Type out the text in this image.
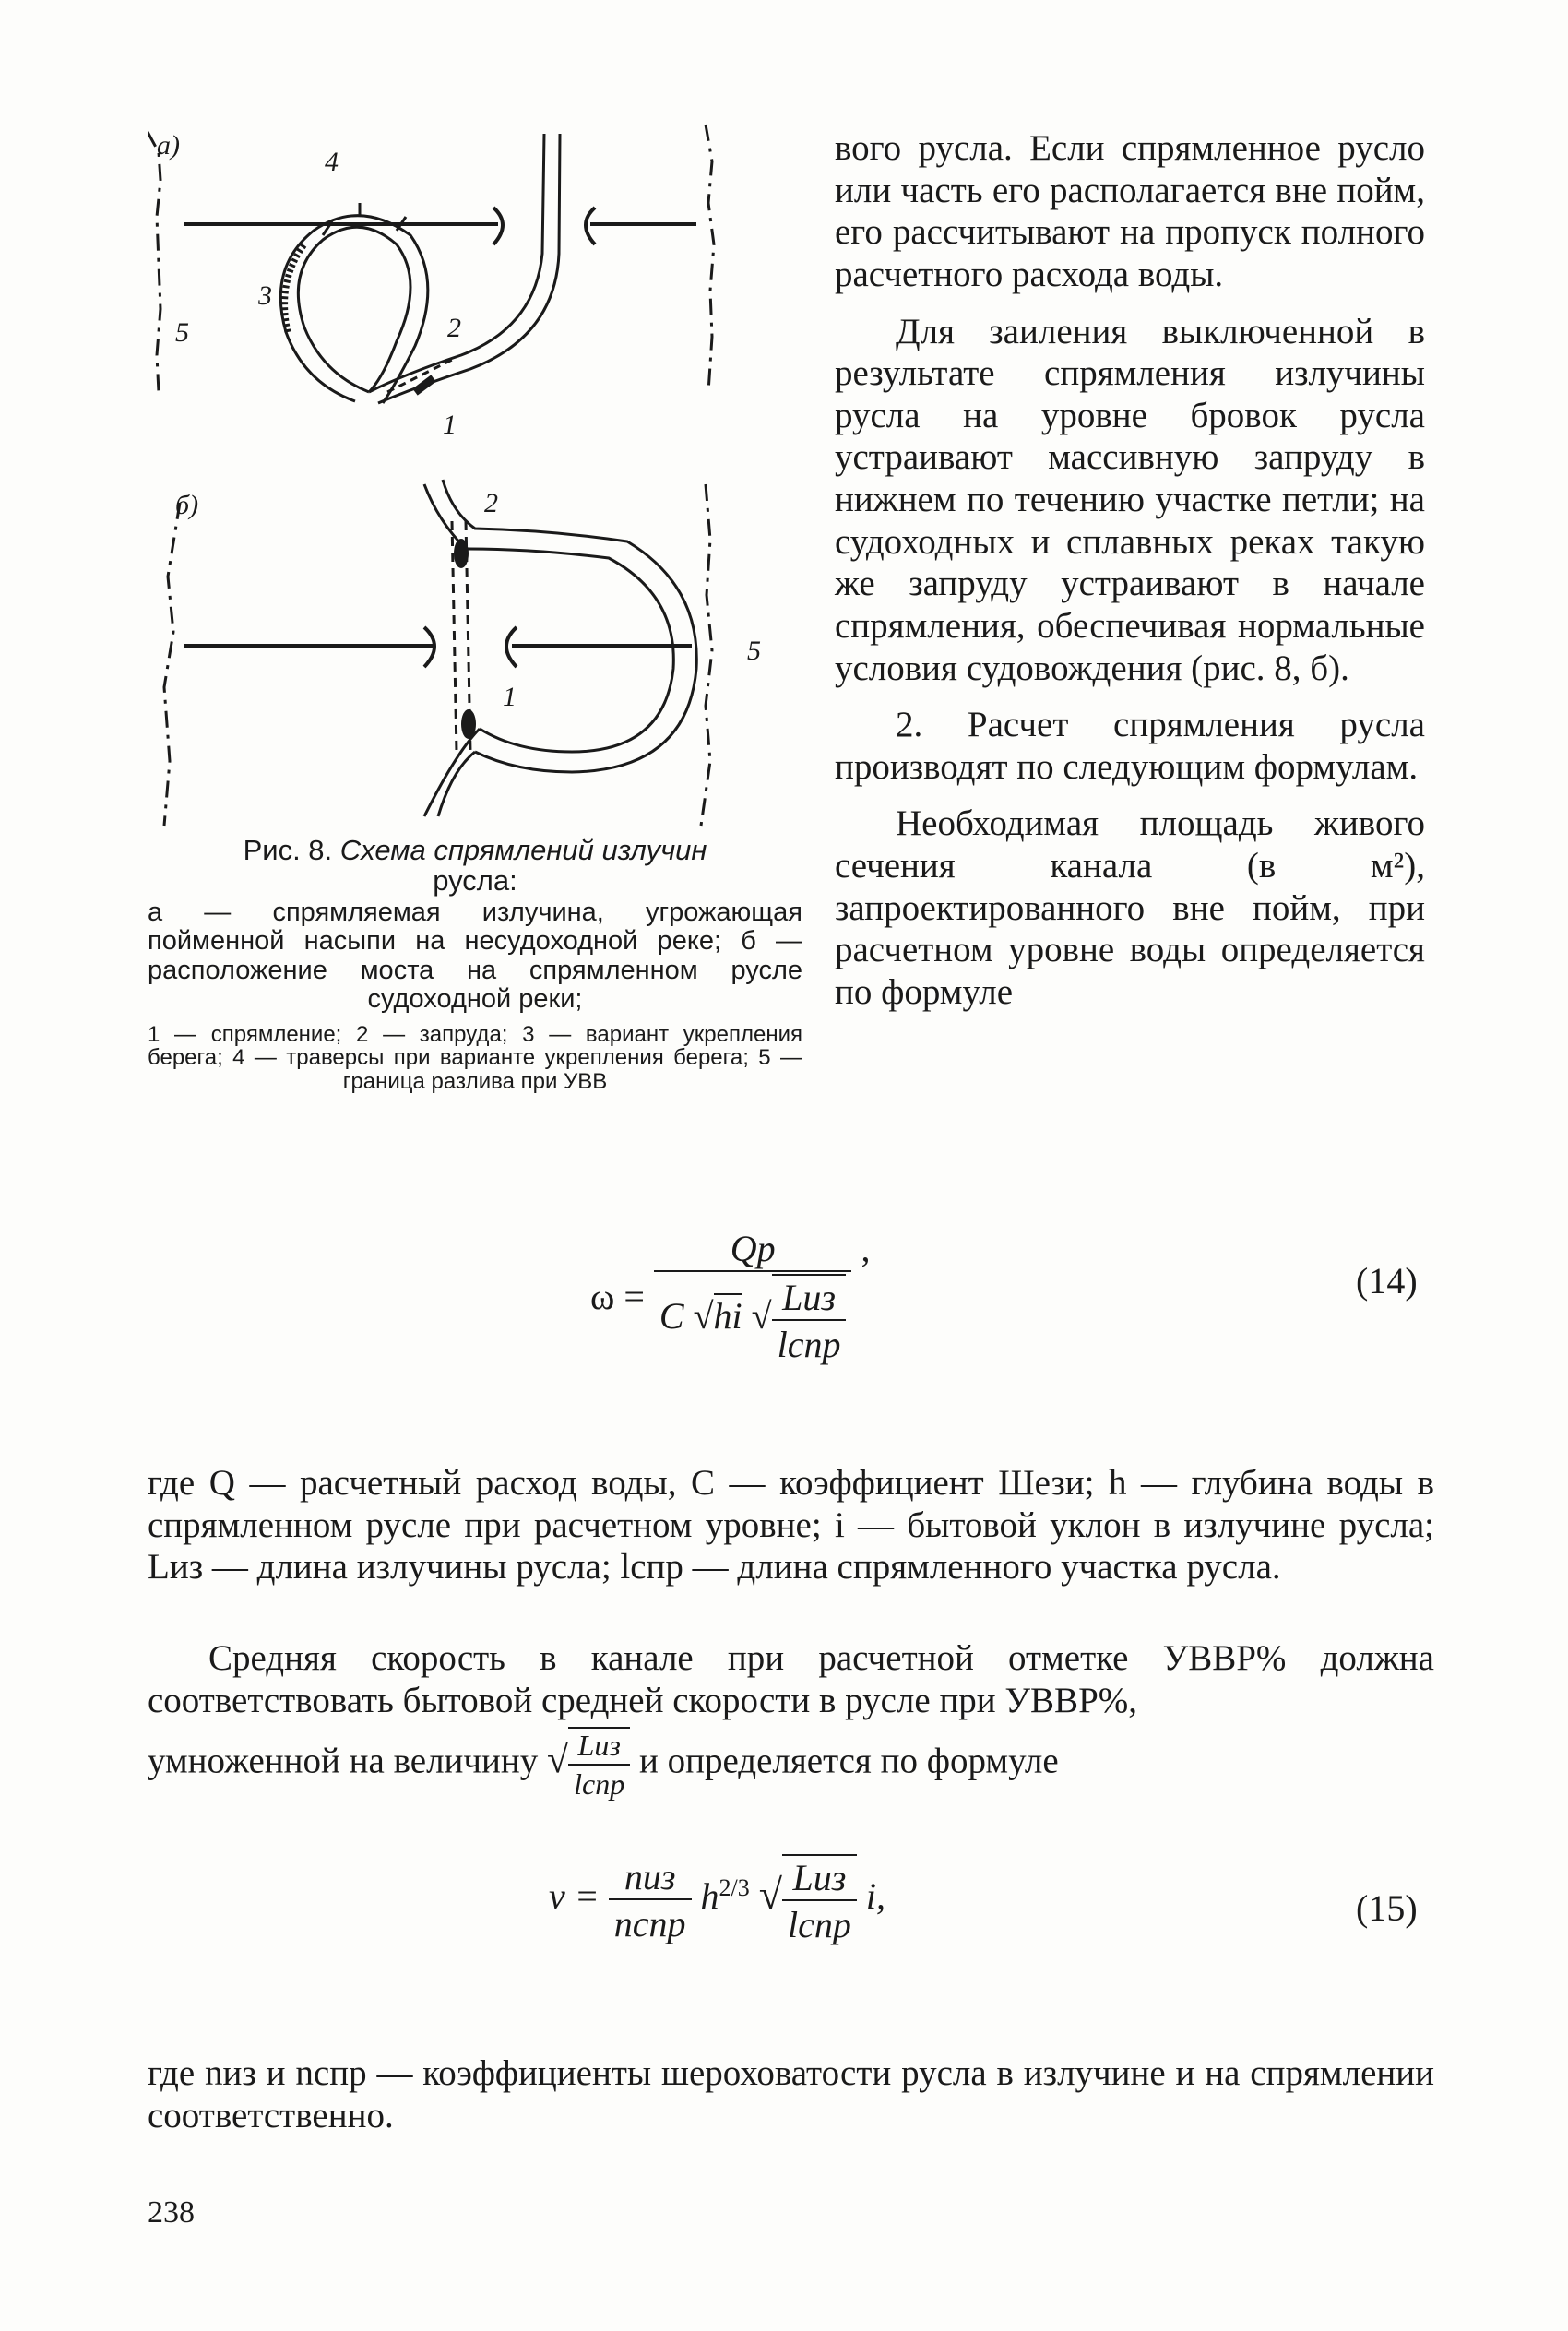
а)
б)
4
3
5	2
1
2
1
5
Рис. 8. Схема спрямлений излучин
русла:
а — спрямляемая излучина, угрожающая пойменной насыпи на несудоходной реке; б — расположение моста на спрямленном русле судоходной реки;
1 — спрямление; 2 — запруда; 3 — вариант укрепления берега; 4 — траверсы при варианте укрепления берега; 5 — граница разлива при УВВ

вого русла. Если спрямленное русло или часть его располагается вне пойм, его рассчитывают на пропуск полного расчетного расхода воды.

Для заиления выключенной в результате спрямления излучины русла на уровне бровок русла устраивают массивную запруду в нижнем по течению участке петли; на судоходных и сплавных реках такую же запруду устраивают в начале спрямления, обеспечивая нормальные условия судовождения (рис. 8, б).

2. Расчет спрямления русла производят по следующим формулам.

Необходимая площадь живого сечения канала (в м²), запроектированного вне пойм, при расчетном уровне воды определяется по формуле

$\omega = \frac{Qр}{C √hi √ \frac{\text{Lиз}}{\text{lспр}}}$ ,
(14)

где Q — расчетный расход воды, C — коэффициент Шези; h — глубина воды в спрямленном русле при расчетном уровне; i — бытовой уклон в излучине русла; Lиз — длина излучины русла; lспр — длина спрямленного участка русла.

Средняя скорость в канале при расчетной отметке УВВP% должна соответствовать бытовой средней скорости в русле при УВВP%,

умноженной на величину √ $\frac{\text{Lиз}}{\text{lспр}}$ и определяется по формуле

$v = \frac{\text{nиз}}{\text{nспр}} h^{2/3}$ √ $\frac{\text{Lиз}}{\text{lспр}} i$,	(15)

где nиз и nспр — коэффициенты шероховатости русла в излучине и на спрямлении соответственно.

238
